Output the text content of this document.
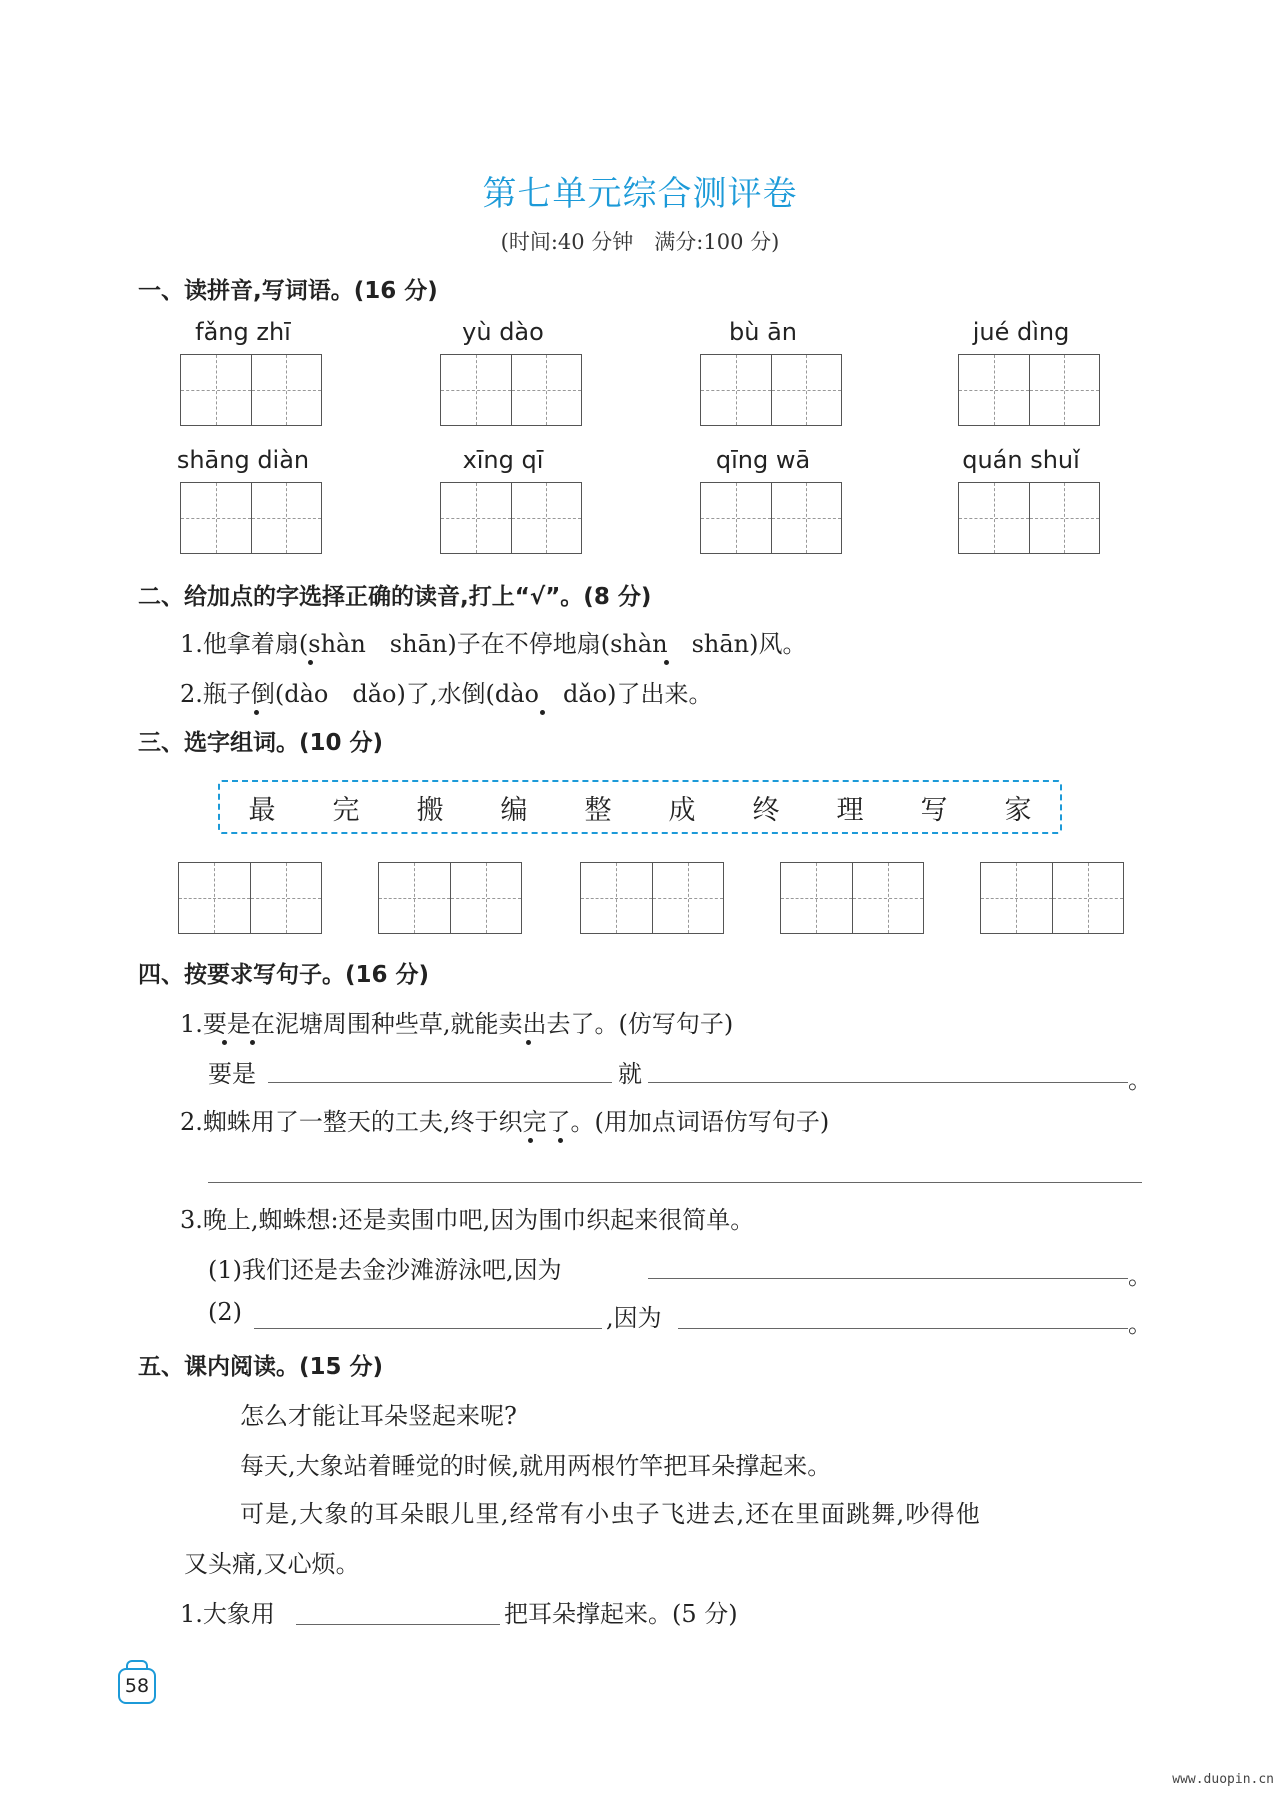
第七单元综合测评卷
(时间:40 分钟　满分:100 分)
一、读拼音,写词语。(16 分)
fǎng zhī	yù dào	bù ān	jué dìng
shāng diàn	xīng qī	qīng wā	quán shuǐ
二、给加点的字选择正确的读音,打上“√”。(8 分)
1.他拿着扇(shàn　shān)子在不停地扇(shàn　shān)风。
2.瓶子倒(dào　dǎo)了,水倒(dào　dǎo)了出来。
三、选字组词。(10 分)
最 完 搬 编 整 成 终 理 写 家
四、按要求写句子。(16 分)
1.要是在泥塘周围种些草,就能卖出去了。(仿写句子)
要是	就	。
2.蜘蛛用了一整天的工夫,终于织完了。(用加点词语仿写句子)
3.晚上,蜘蛛想:还是卖围巾吧,因为围巾织起来很简单。
(1)我们还是去金沙滩游泳吧,因为	。
(2)	,因为	。
五、课内阅读。(15 分)
怎么才能让耳朵竖起来呢?
每天,大象站着睡觉的时候,就用两根竹竿把耳朵撑起来。
可是,大象的耳朵眼儿里,经常有小虫子飞进去,还在里面跳舞,吵得他
又头痛,又心烦。
1.大象用	把耳朵撑起来。(5 分)
58
www.duopin.cn
